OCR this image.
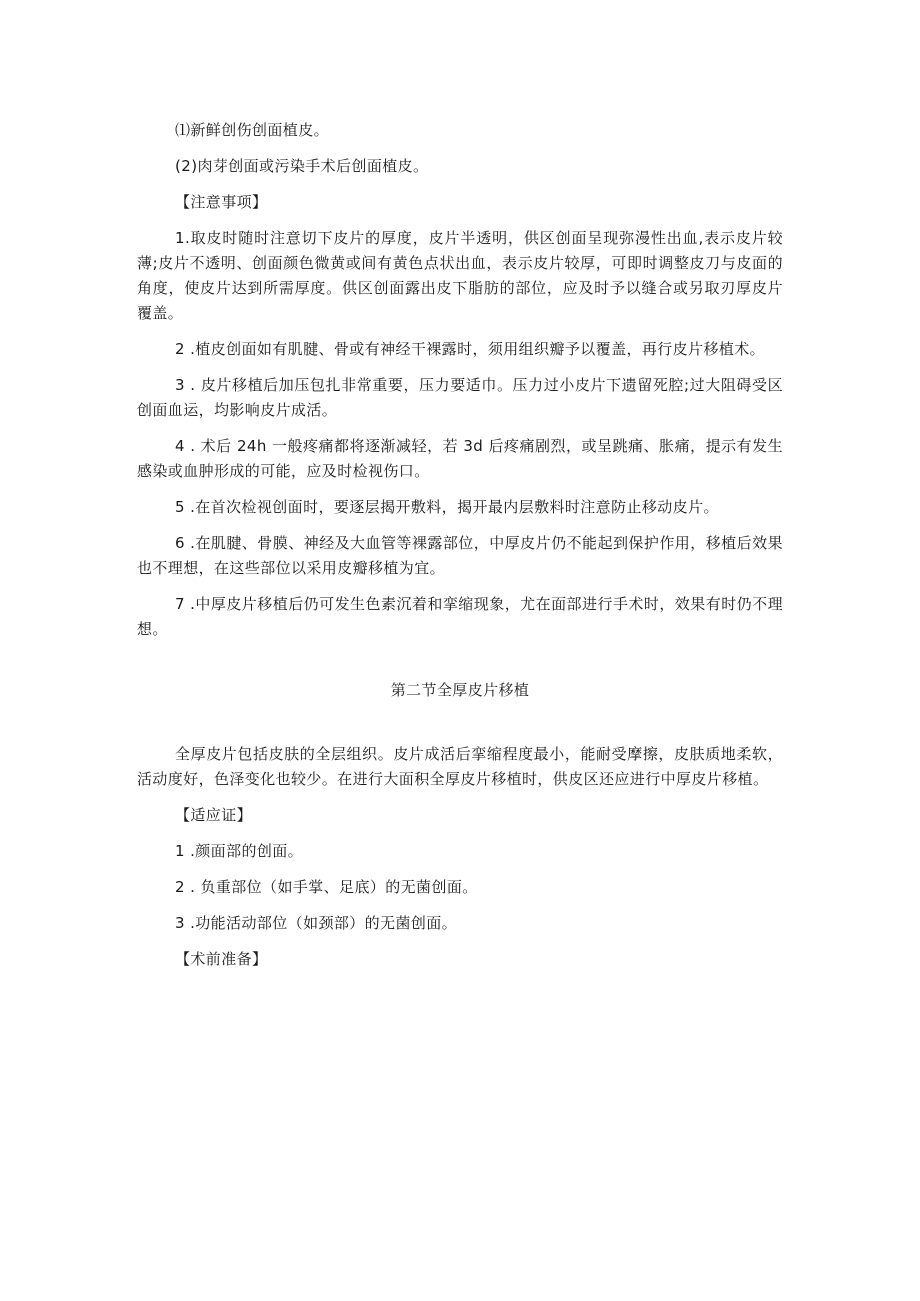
⑴新鲜创伤创面植皮。

(2)肉芽创面或污染手术后创面植皮。

【注意事项】

1.取皮时随时注意切下皮片的厚度，皮片半透明，供区创面呈现弥漫性出血,表示皮片较薄;皮片不透明、创面颜色微黄或间有黄色点状出血，表示皮片较厚，可即时调整皮刀与皮面的角度，使皮片达到所需厚度。供区创面露出皮下脂肪的部位，应及时予以缝合或另取刃厚皮片覆盖。

2 .植皮创面如有肌腱、骨或有神经干裸露时，须用组织瓣予以覆盖，再行皮片移植术。

3 . 皮片移植后加压包扎非常重要，压力要适巾。压力过小皮片下遗留死腔;过大阻碍受区创面血运，均影响皮片成活。

4 . 术后 24h 一般疼痛都将逐渐减轻，若 3d 后疼痛剧烈，或呈跳痛、胀痛，提示有发生感染或血肿形成的可能，应及时检视伤口。

5 .在首次检视创面时，要逐层揭开敷料，揭开最内层敷料时注意防止移动皮片。

6 .在肌腱、骨膜、神经及大血管等裸露部位，中厚皮片仍不能起到保护作用，移植后效果也不理想，在这些部位以采用皮瓣移植为宜。

7 .中厚皮片移植后仍可发生色素沉着和挛缩现象，尤在面部进行手术时，效果有时仍不理想。

第二节全厚皮片移植

全厚皮片包括皮肤的全层组织。皮片成活后挛缩程度最小，能耐受摩擦，皮肤质地柔软，活动度好，色泽变化也较少。在进行大面积全厚皮片移植时，供皮区还应进行中厚皮片移植。

【适应证】

1 .颜面部的创面。

2 . 负重部位（如手掌、足底）的无菌创面。

3 .功能活动部位（如颈部）的无菌创面。

【术前准备】
